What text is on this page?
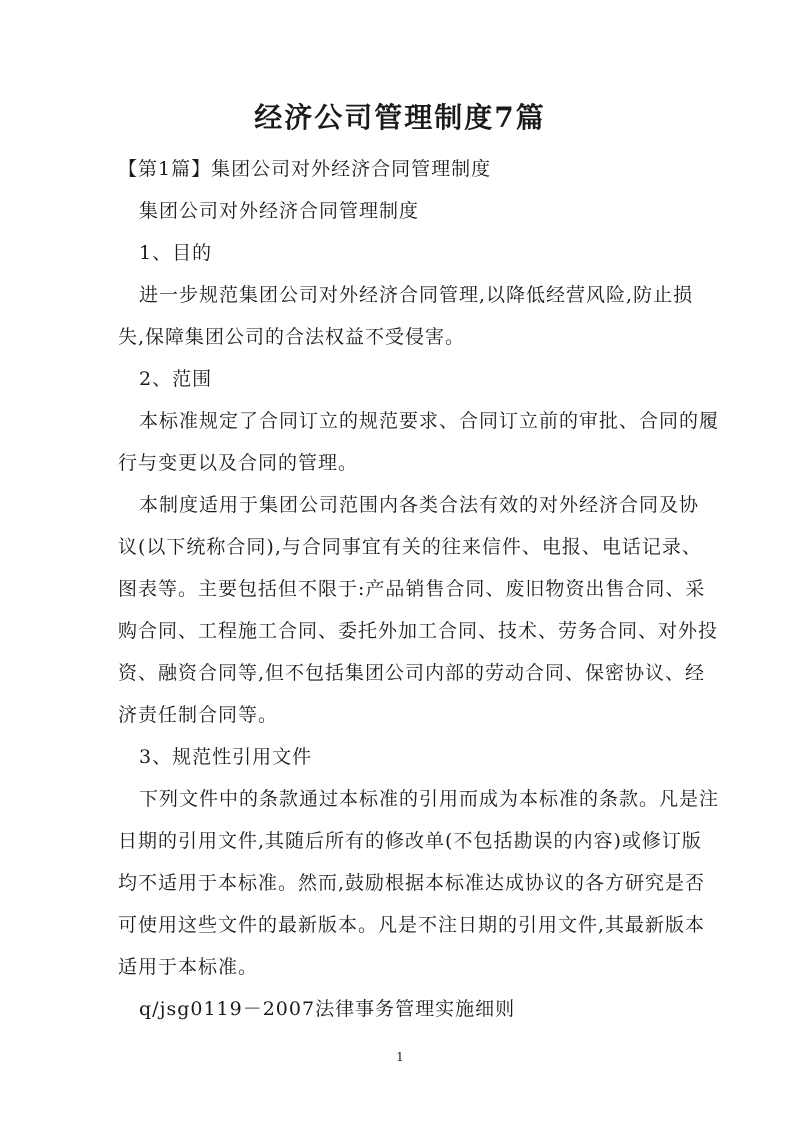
经济公司管理制度7篇
【第1篇】集团公司对外经济合同管理制度
集团公司对外经济合同管理制度
1、目的
进一步规范集团公司对外经济合同管理,以降低经营风险,防止损
失,保障集团公司的合法权益不受侵害。
2、范围
本标准规定了合同订立的规范要求、合同订立前的审批、合同的履
行与变更以及合同的管理。
本制度适用于集团公司范围内各类合法有效的对外经济合同及协
议(以下统称合同),与合同事宜有关的往来信件、电报、电话记录、
图表等。主要包括但不限于:产品销售合同、废旧物资出售合同、采
购合同、工程施工合同、委托外加工合同、技术、劳务合同、对外投
资、融资合同等,但不包括集团公司内部的劳动合同、保密协议、经
济责任制合同等。
3、规范性引用文件
下列文件中的条款通过本标准的引用而成为本标准的条款。凡是注
日期的引用文件,其随后所有的修改单(不包括勘误的内容)或修订版
均不适用于本标准。然而,鼓励根据本标准达成协议的各方研究是否
可使用这些文件的最新版本。凡是不注日期的引用文件,其最新版本
适用于本标准。
q/jsg0119－2007法律事务管理实施细则
1
